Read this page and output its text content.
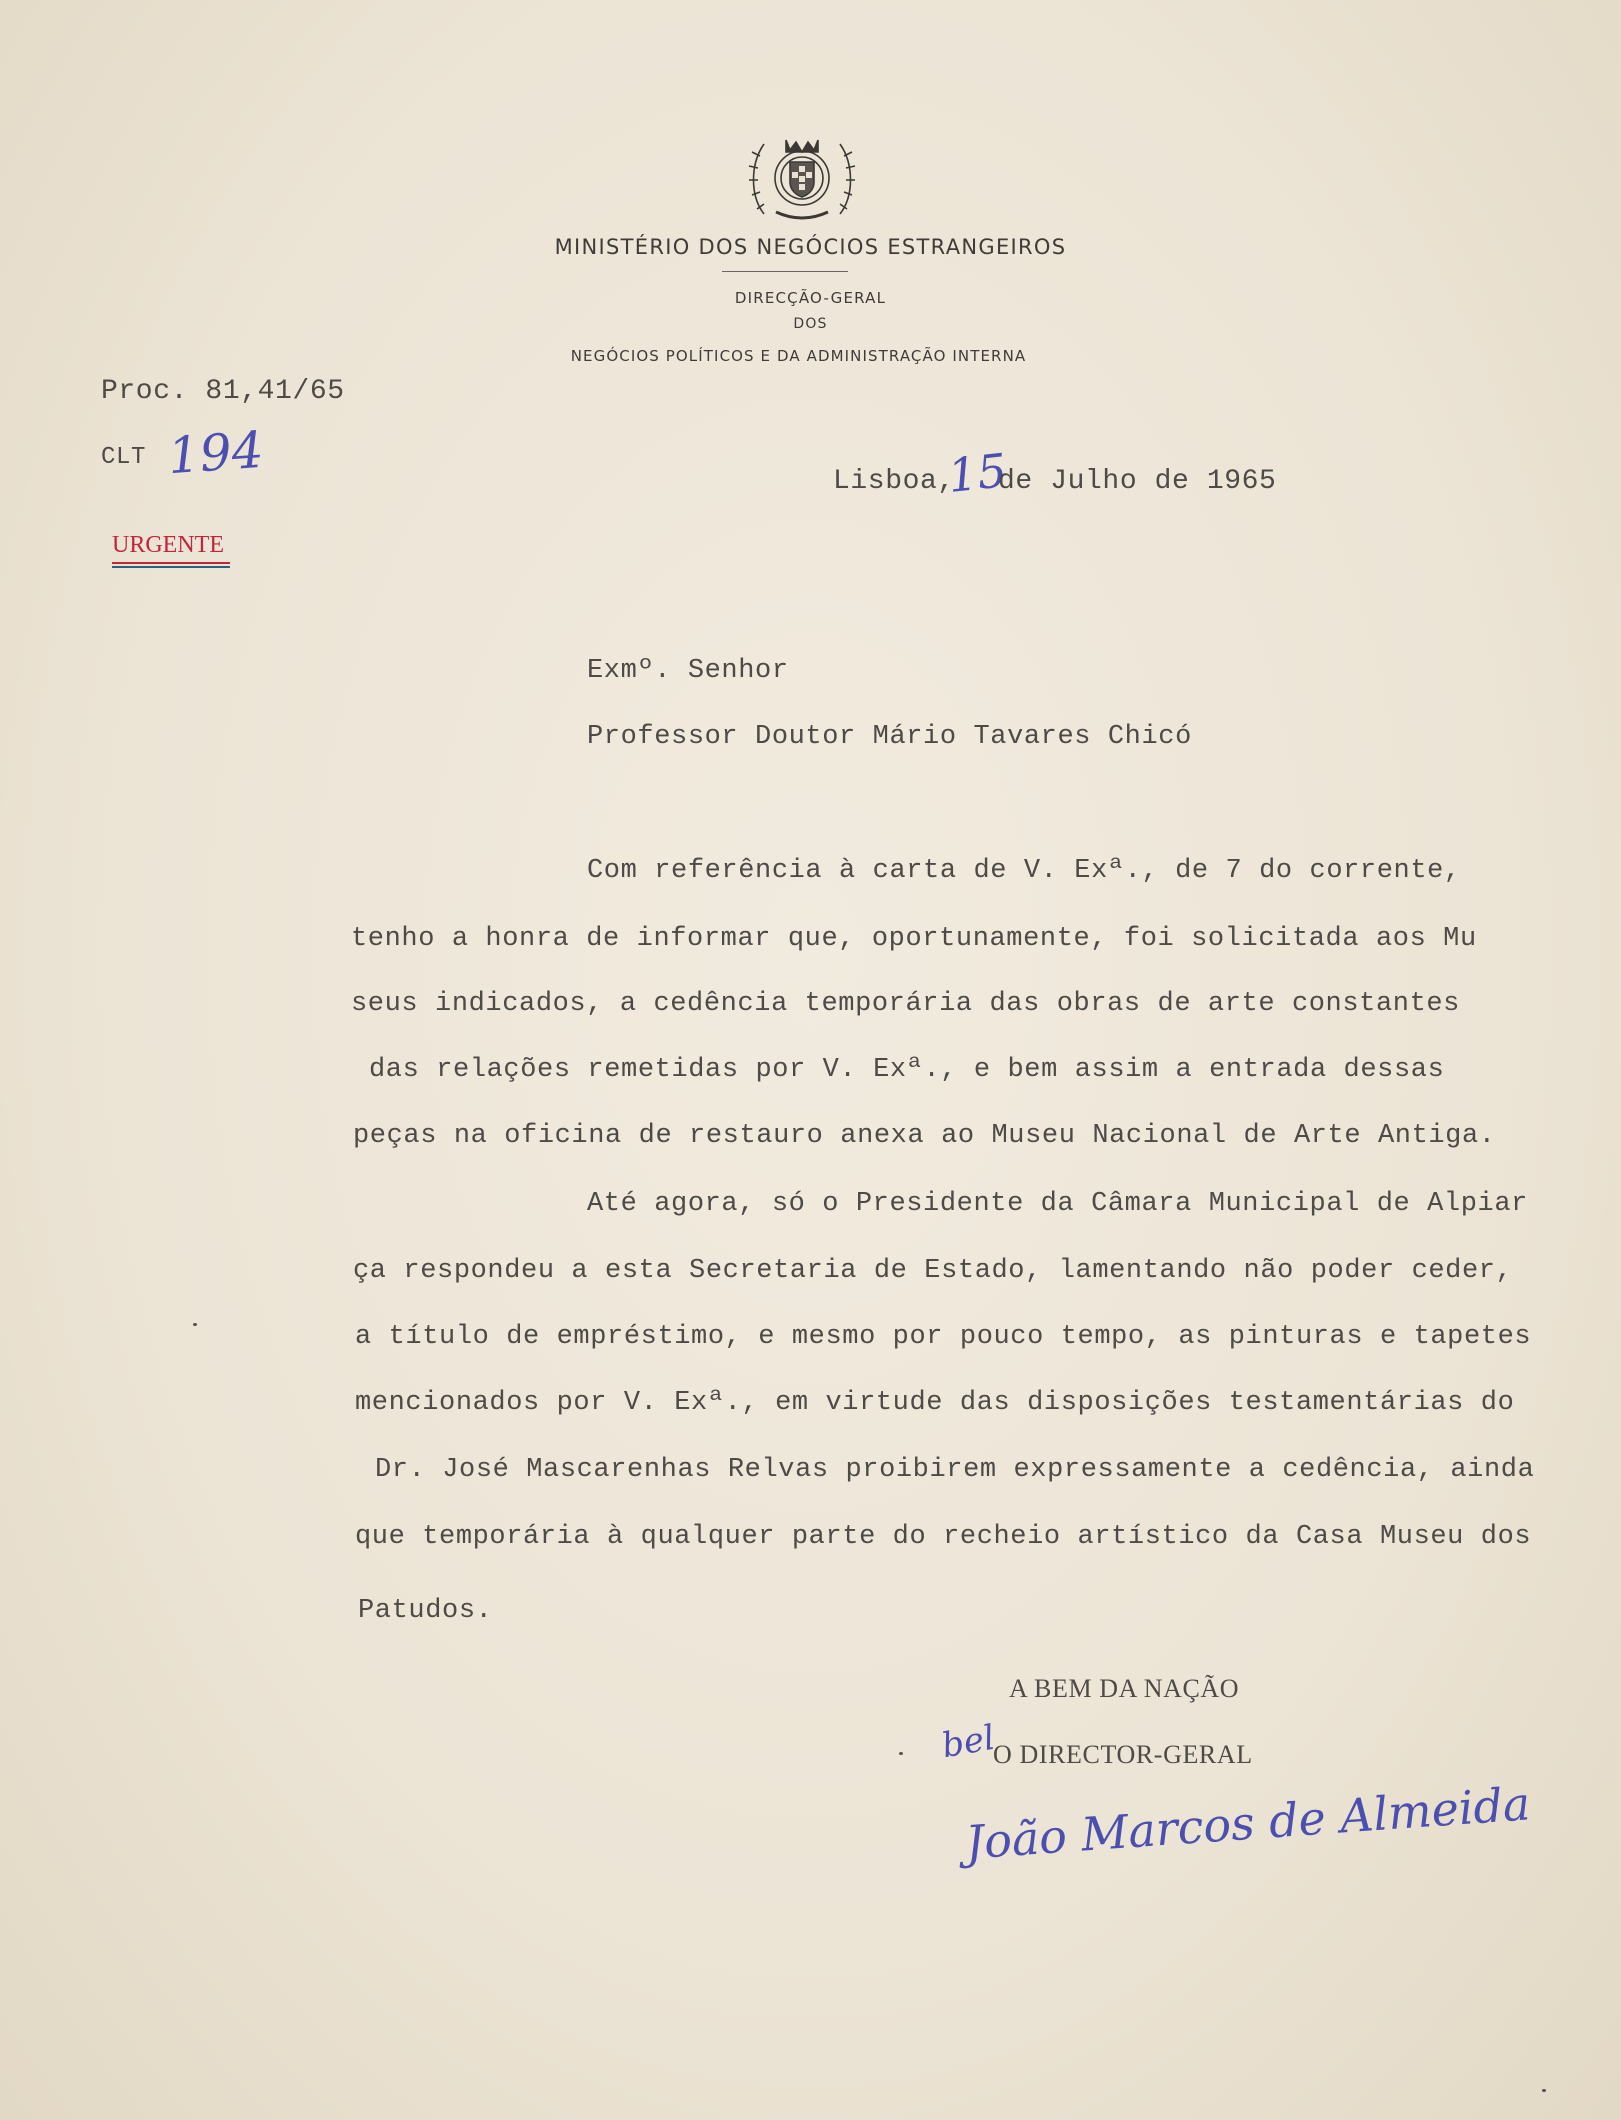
MINISTÉRIO DOS NEGÓCIOS ESTRANGEIROS
DIRECÇÃO-GERAL
DOS
NEGÓCIOS POLÍTICOS E DA ADMINISTRAÇÃO INTERNA
Proc. 81,41/65
CLT 194
URGENTE
Lisboa,
15
de Julho de 1965
Exmº. Senhor
Professor Doutor Mário Tavares Chicó
Com referência à carta de V. Exª., de 7 do corrente,
tenho a honra de informar que, oportunamente, foi solicitada aos Mu
seus indicados, a cedência temporária das obras de arte constantes
das relações remetidas por V. Exª., e bem assim a entrada dessas
peças na oficina de restauro anexa ao Museu Nacional de Arte Antiga.
Até agora, só o Presidente da Câmara Municipal de Alpiar
ça respondeu a esta Secretaria de Estado, lamentando não poder ceder,
a título de empréstimo, e mesmo por pouco tempo, as pinturas e tapetes
mencionados por V. Exª., em virtude das disposições testamentárias do
Dr. José Mascarenhas Relvas proibirem expressamente a cedência, ainda
que temporária à qualquer parte do recheio artístico da Casa Museu dos
Patudos.
A BEM DA NAÇÃO
bel
O DIRECTOR-GERAL
João Marcos de Almeida
